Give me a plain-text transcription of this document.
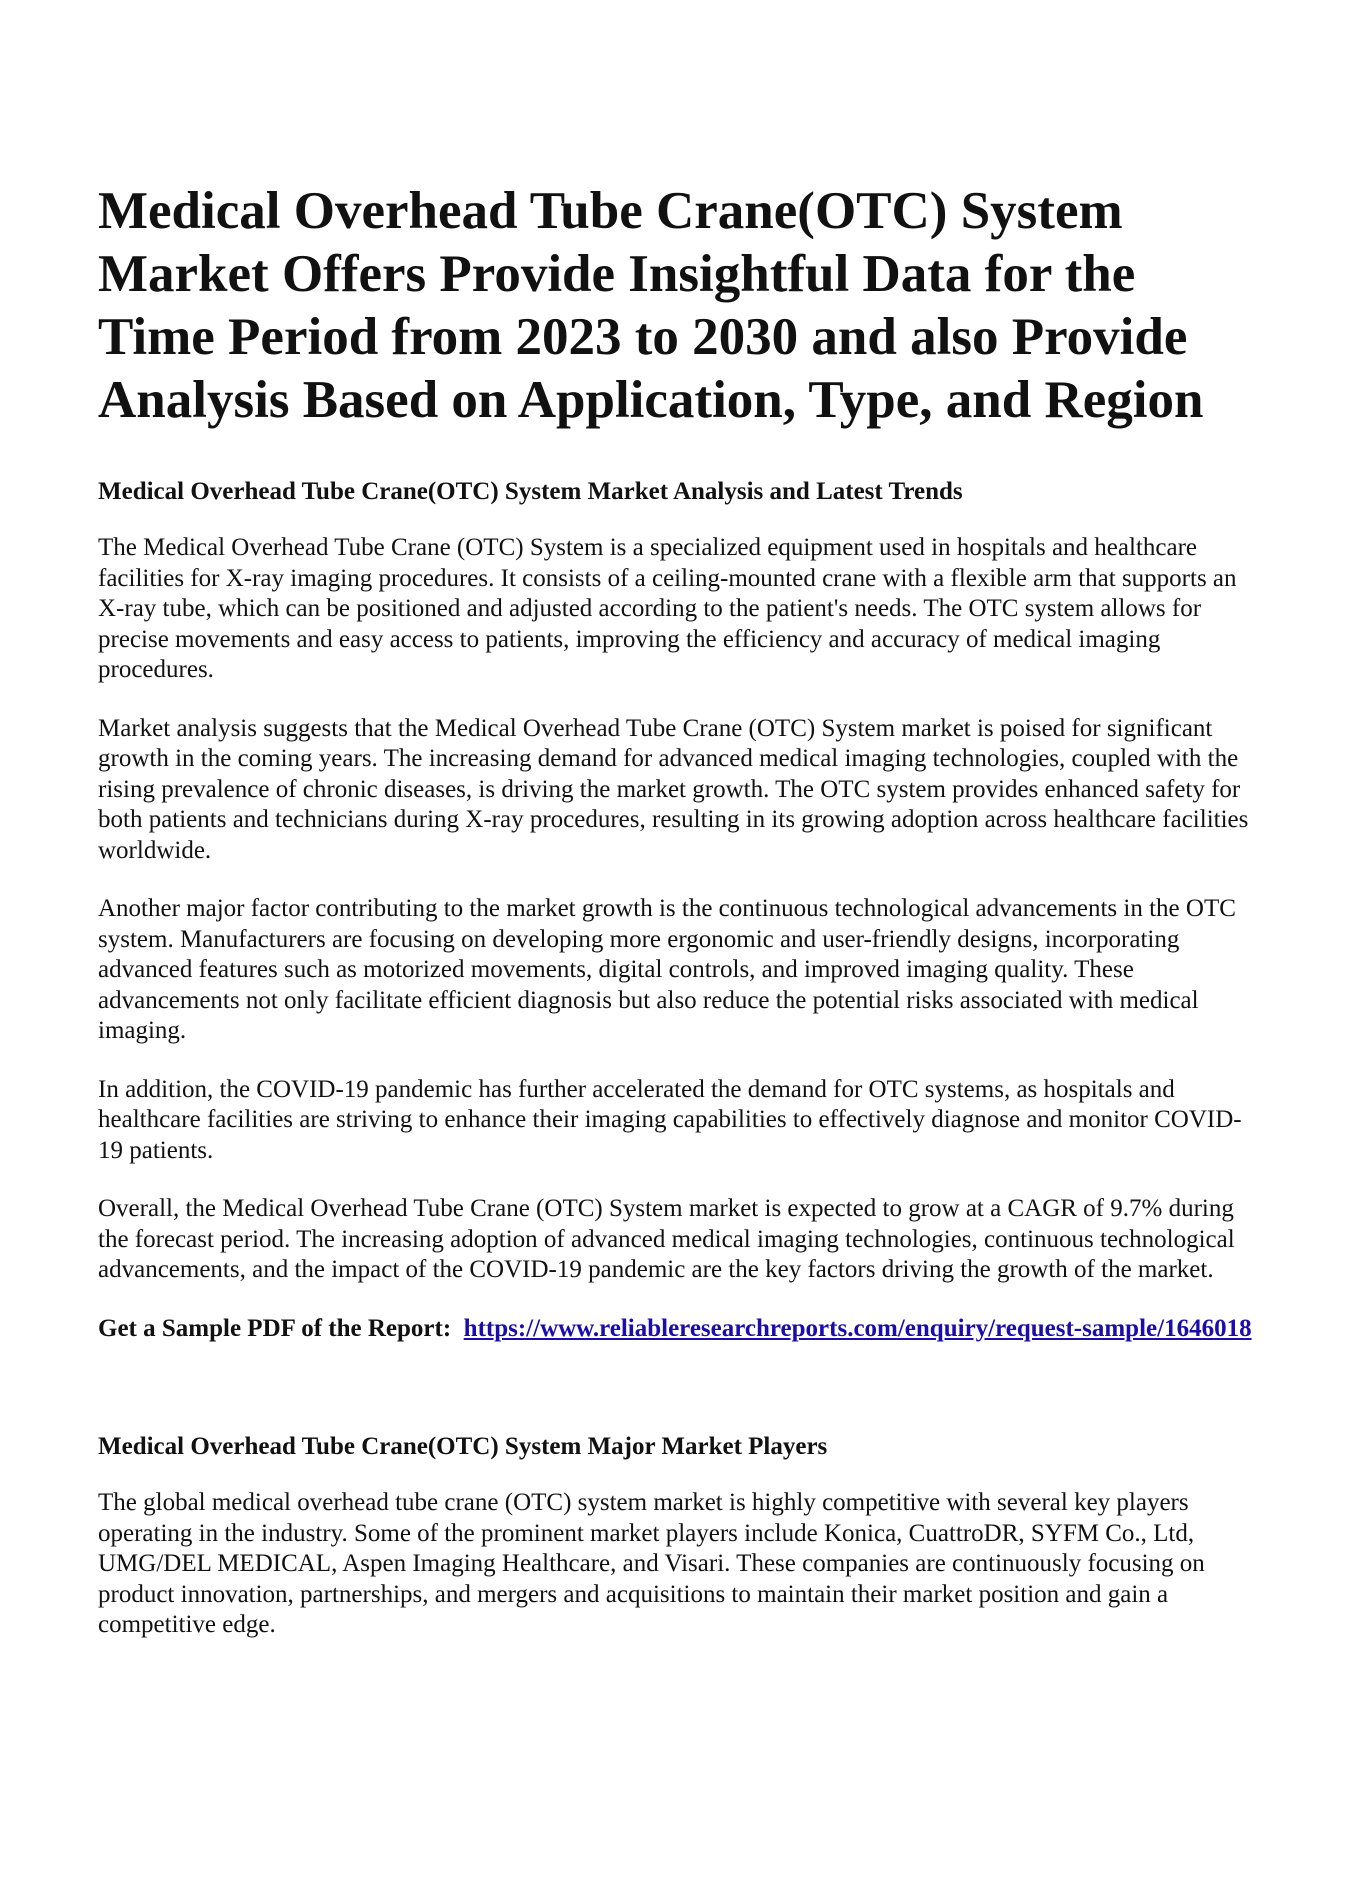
Medical Overhead Tube Crane(OTC) System Market Offers Provide Insightful Data for the Time Period from 2023 to 2030 and also Provide Analysis Based on Application, Type, and Region
Medical Overhead Tube Crane(OTC) System Market Analysis and Latest Trends

The Medical Overhead Tube Crane (OTC) System is a specialized equipment used in hospitals and healthcare facilities for X-ray imaging procedures. It consists of a ceiling-mounted crane with a flexible arm that supports an X-ray tube, which can be positioned and adjusted according to the patient's needs. The OTC system allows for precise movements and easy access to patients, improving the efficiency and accuracy of medical imaging procedures.

Market analysis suggests that the Medical Overhead Tube Crane (OTC) System market is poised for significant growth in the coming years. The increasing demand for advanced medical imaging technologies, coupled with the rising prevalence of chronic diseases, is driving the market growth. The OTC system provides enhanced safety for both patients and technicians during X-ray procedures, resulting in its growing adoption across healthcare facilities worldwide.

Another major factor contributing to the market growth is the continuous technological advancements in the OTC system. Manufacturers are focusing on developing more ergonomic and user-friendly designs, incorporating advanced features such as motorized movements, digital controls, and improved imaging quality. These advancements not only facilitate efficient diagnosis but also reduce the potential risks associated with medical imaging.

In addition, the COVID-19 pandemic has further accelerated the demand for OTC systems, as hospitals and healthcare facilities are striving to enhance their imaging capabilities to effectively diagnose and monitor COVID-19 patients.

Overall, the Medical Overhead Tube Crane (OTC) System market is expected to grow at a CAGR of 9.7% during the forecast period. The increasing adoption of advanced medical imaging technologies, continuous technological advancements, and the impact of the COVID-19 pandemic are the key factors driving the growth of the market.

Get a Sample PDF of the Report: https://www.reliableresearchreports.com/enquiry/request-sample/1646018
Medical Overhead Tube Crane(OTC) System Major Market Players

The global medical overhead tube crane (OTC) system market is highly competitive with several key players operating in the industry. Some of the prominent market players include Konica, CuattroDR, SYFM Co., Ltd, UMG/DEL MEDICAL, Aspen Imaging Healthcare, and Visari. These companies are continuously focusing on product innovation, partnerships, and mergers and acquisitions to maintain their market position and gain a competitive edge.
